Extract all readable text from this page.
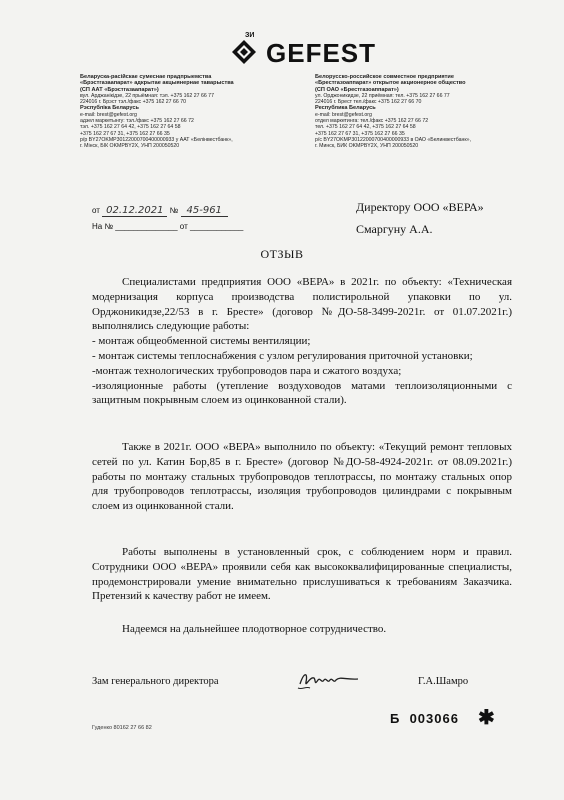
ЗИ
GEFEST
Беларуска-расійскае сумеснае прадпрыемства
«Брэстгазаапарат» адкрытае акцыянернае таварыства
(СП ААТ «Брэстгазаапарат»)
вул. Арджанікідзе, 22 прыёмная: тэл. +375 162 27 66 77
224016 г. Брэст тэл./факс +375 162 27 66 70
Рэспубліка Беларусь
e-mail: brest@gefest.org
адзел маркетынгу: тэл./факс +375 162 27 66 72
тэл. +375 162 27 64 42, +375 162 27 64 58
+375 162 27 67 31, +375 162 27 66 35
р/р BY27OKMP30122000700400000933 у ААТ «Белінвестбанк»,
г. Мінск, БІК OKMPBY2X, УНП 200050520
Белорусско-российское совместное предприятие
«Брестгазоаппарат» открытое акционерное общество
(СП ОАО «Брестгазоаппарат»)
ул. Орджоникидзе, 22 приёмная: тел. +375 162 27 66 77
224016 г. Брест тел./факс +375 162 27 66 70
Республика Беларусь
e-mail: brest@gefest.org
отдел маркетинга: тел./факс +375 162 27 66 72
тел. +375 162 27 64 42, +375 162 27 64 58
+375 162 27 67 31, +375 162 27 66 35
р/с BY27OKMP30122000700400000933 в ОАО «Белинвестбанк»,
г. Минск, БИК OKMPBY2X, УНП 200050520
от 02.12.2021 № 45-961
На № ______________ от ____________
Директору ООО «ВЕРА»
Смаргуну А.А.
ОТЗЫВ

Специалистами предприятия ООО «ВЕРА» в 2021г. по объекту: «Техническая модернизация корпуса производства полистирольной упаковки по ул. Орджоникидзе,22/53 в г. Бресте» (договор №ДО-58-3499-2021г. от 01.07.2021г.) выполнялись следующие работы:

- монтаж общеобменной системы вентиляции;

- монтаж системы теплоснабжения с узлом регулирования приточной установки;

-монтаж технологических трубопроводов пара и сжатого воздуха;

-изоляционные работы (утепление воздуховодов матами теплоизоляционными с защитным покрывным слоем из оцинкованной стали).

Также в 2021г. ООО «ВЕРА» выполнило по объекту: «Текущий ремонт тепловых сетей по ул. Катин Бор,85 в г. Бресте» (договор №ДО-58-4924-2021г. от 08.09.2021г.) работы по монтажу стальных трубопроводов теплотрассы, по монтажу стальных опор для трубопроводов теплотрассы, изоляция трубопроводов цилиндрами с покрывным слоем из оцинкованной стали.

Работы выполнены в установленный срок, с соблюдением норм и правил. Сотрудники ООО «ВЕРА» проявили себя как высококвалифицированные специалисты, продемонстрировали умение внимательно прислушиваться к требованиям Заказчика. Претензий к качеству работ не имеем.

Надеемся на дальнейшее плодотворное сотрудничество.

Зам генерального директора	Г.А.Шамро
Б  003066 ✱
Гуденко 80162 27 66 82
